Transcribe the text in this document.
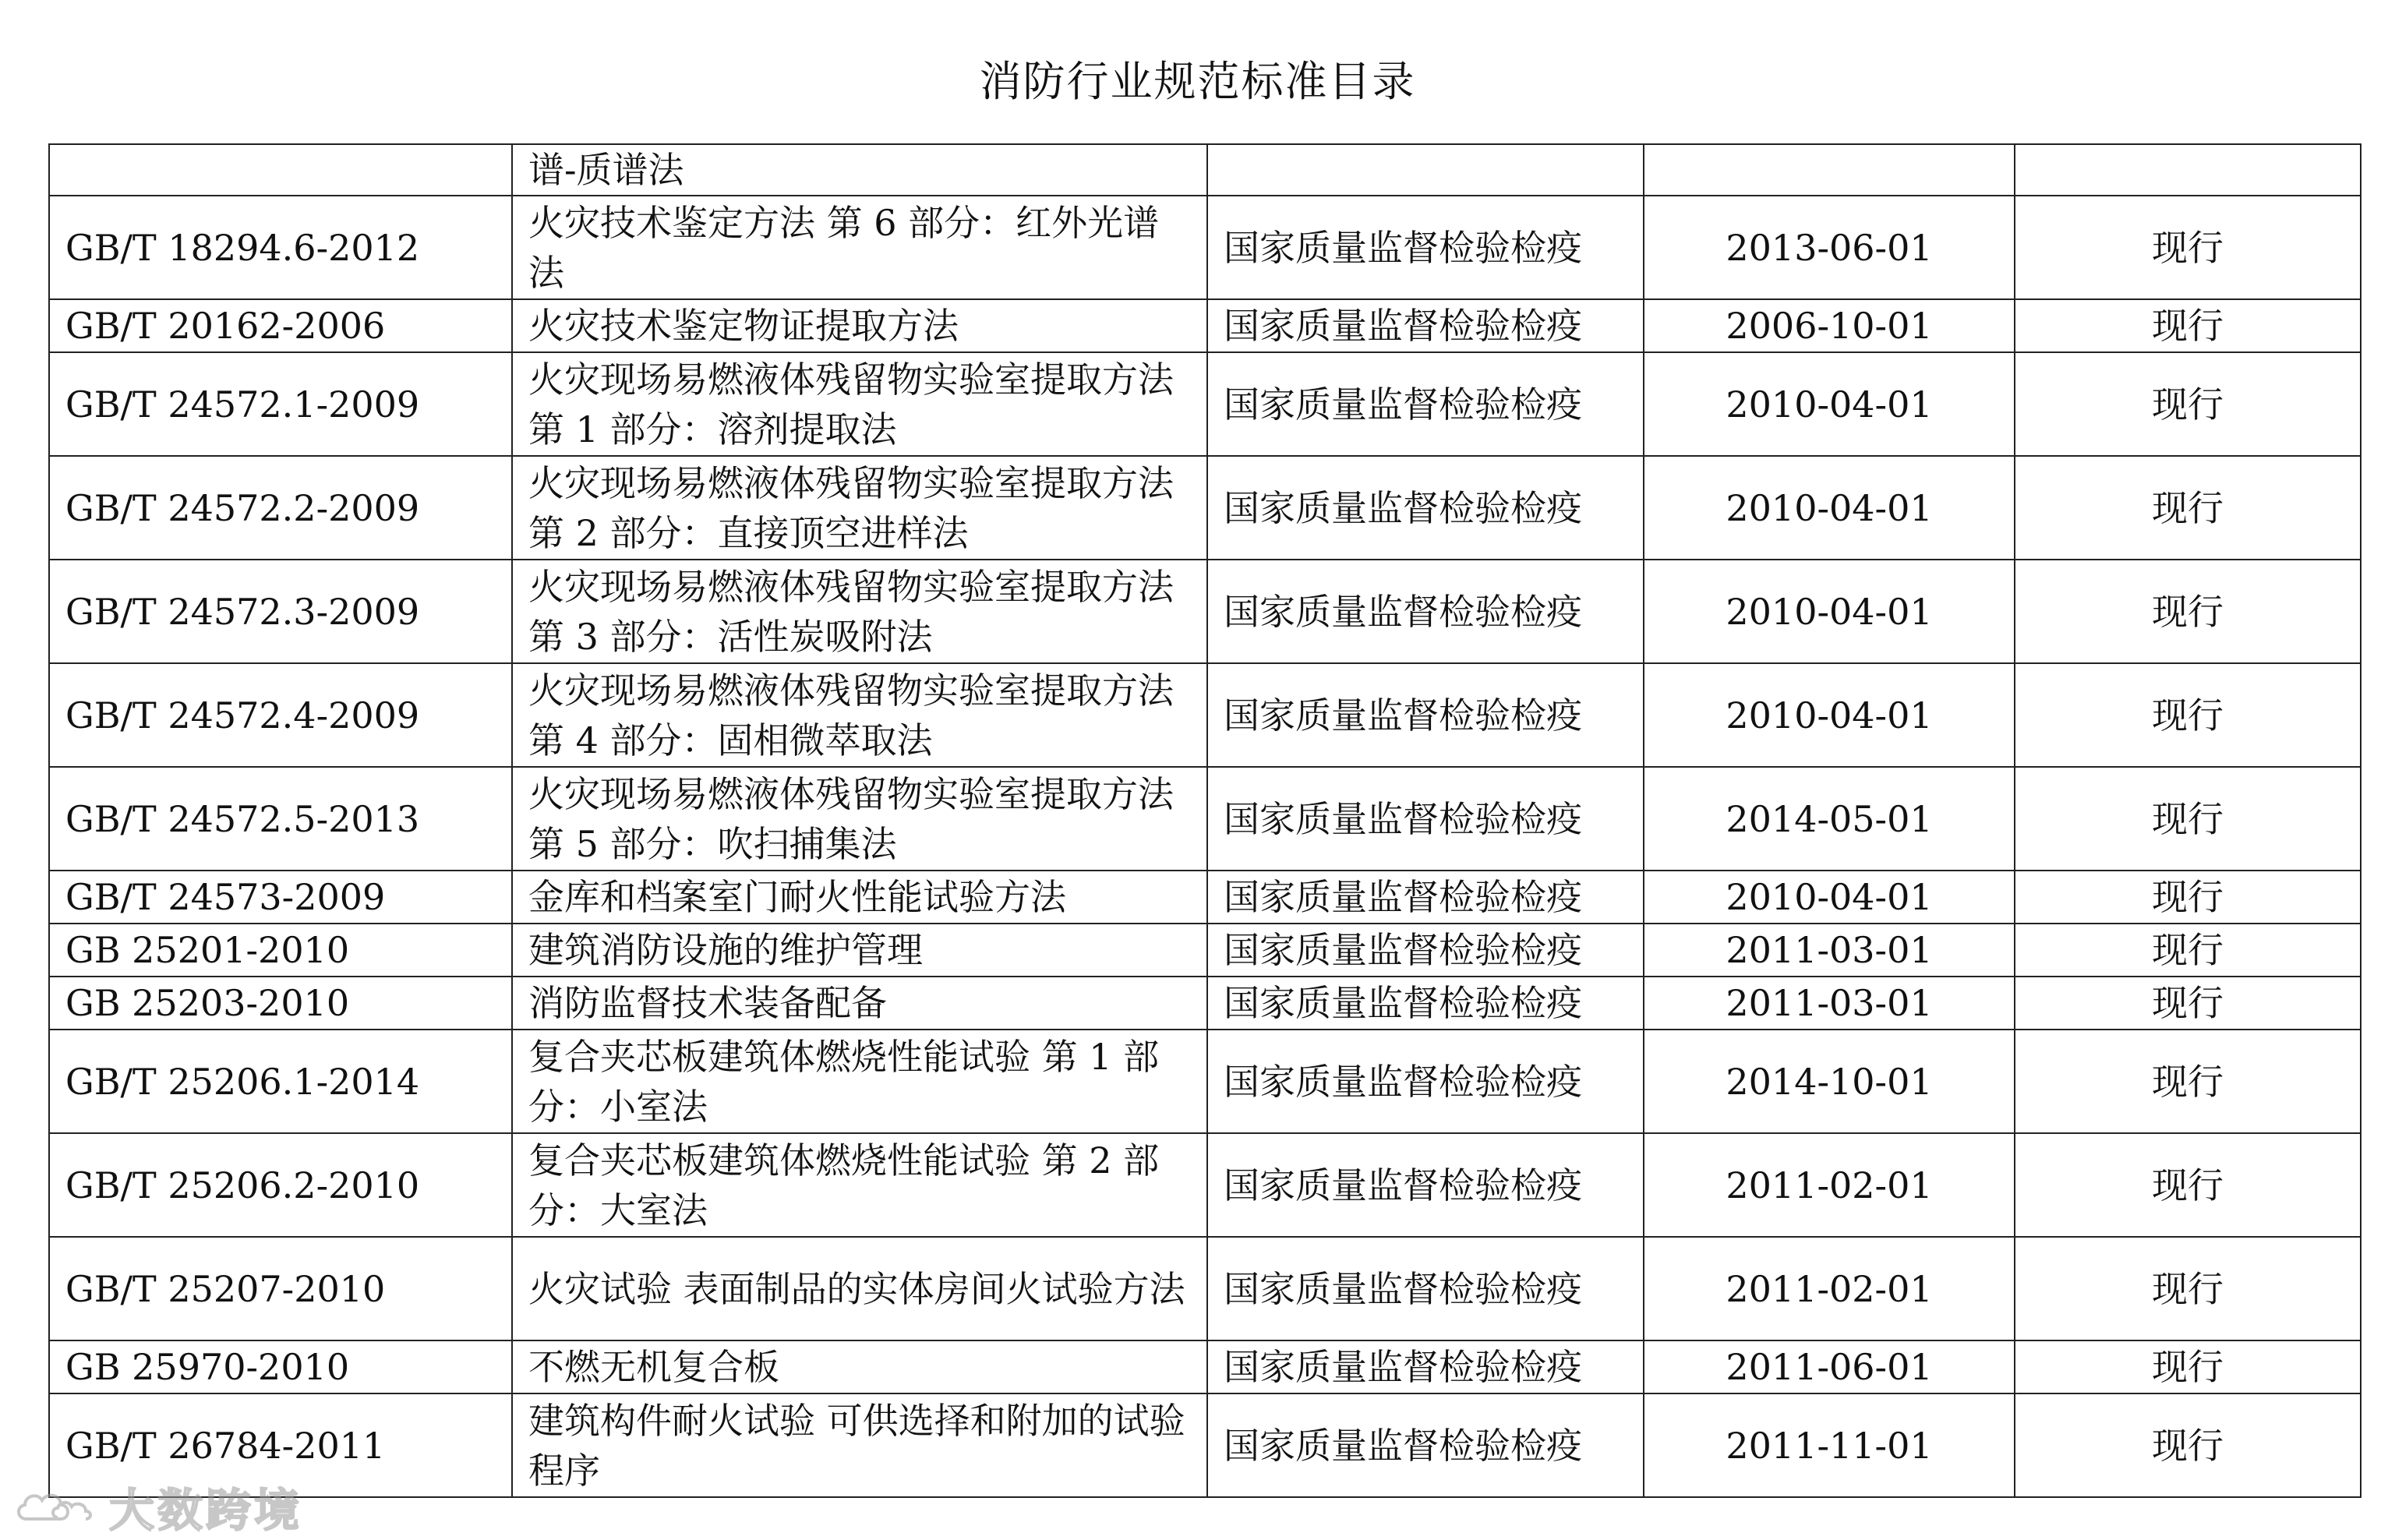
消防行业规范标准目录
	谱-质谱法			
GB/T 18294.6-2012	火灾技术鉴定方法 第 6 部分：红外光谱法	国家质量监督检验检疫	2013-06-01	现行
GB/T 20162-2006	火灾技术鉴定物证提取方法	国家质量监督检验检疫	2006-10-01	现行
GB/T 24572.1-2009	火灾现场易燃液体残留物实验室提取方法 第 1 部分：溶剂提取法	国家质量监督检验检疫	2010-04-01	现行
GB/T 24572.2-2009	火灾现场易燃液体残留物实验室提取方法 第 2 部分：直接顶空进样法	国家质量监督检验检疫	2010-04-01	现行
GB/T 24572.3-2009	火灾现场易燃液体残留物实验室提取方法 第 3 部分：活性炭吸附法	国家质量监督检验检疫	2010-04-01	现行
GB/T 24572.4-2009	火灾现场易燃液体残留物实验室提取方法 第 4 部分：固相微萃取法	国家质量监督检验检疫	2010-04-01	现行
GB/T 24572.5-2013	火灾现场易燃液体残留物实验室提取方法 第 5 部分：吹扫捕集法	国家质量监督检验检疫	2014-05-01	现行
GB/T 24573-2009	金库和档案室门耐火性能试验方法	国家质量监督检验检疫	2010-04-01	现行
GB 25201-2010	建筑消防设施的维护管理	国家质量监督检验检疫	2011-03-01	现行
GB 25203-2010	消防监督技术装备配备	国家质量监督检验检疫	2011-03-01	现行
GB/T 25206.1-2014	复合夹芯板建筑体燃烧性能试验 第 1 部分：小室法	国家质量监督检验检疫	2014-10-01	现行
GB/T 25206.2-2010	复合夹芯板建筑体燃烧性能试验 第 2 部分：大室法	国家质量监督检验检疫	2011-02-01	现行
GB/T 25207-2010	火灾试验 表面制品的实体房间火试验方法	国家质量监督检验检疫	2011-02-01	现行
GB 25970-2010	不燃无机复合板	国家质量监督检验检疫	2011-06-01	现行
GB/T 26784-2011	建筑构件耐火试验 可供选择和附加的试验程序	国家质量监督检验检疫	2011-11-01	现行
大数跨境
